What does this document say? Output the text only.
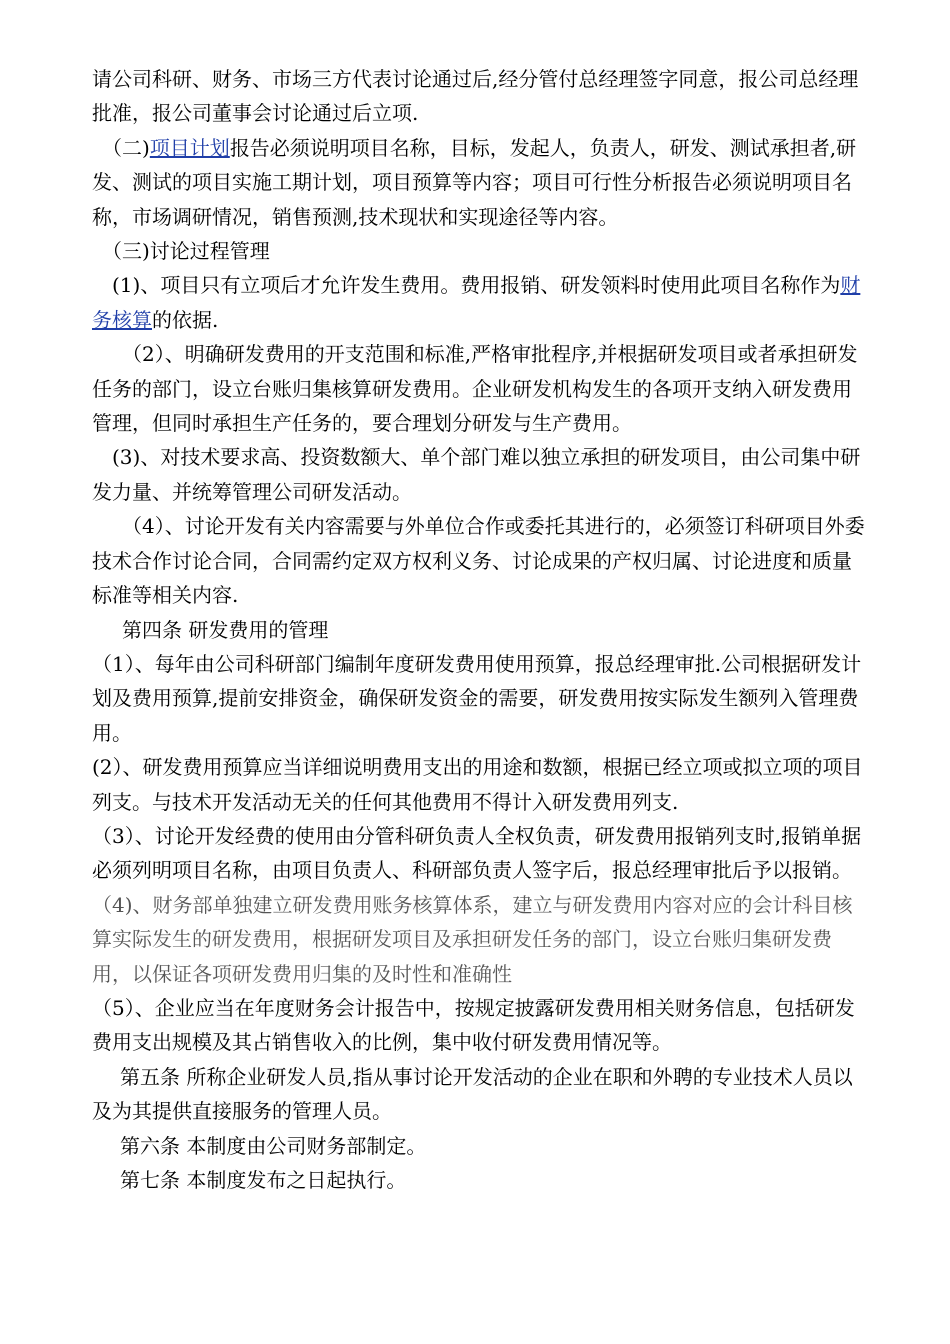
请公司科研、财务、市场三方代表讨论通过后,经分管付总经理签字同意，报公司总经理批准，报公司董事会讨论通过后立项.

（二)项目计划报告必须说明项目名称，目标，发起人，负责人，研发、测试承担者,研发、测试的项目实施工期计划，项目预算等内容；项目可行性分析报告必须说明项目名称，市场调研情况，销售预测,技术现状和实现途径等内容。

（三)讨论过程管理

(1)、项目只有立项后才允许发生费用。费用报销、研发领料时使用此项目名称作为财务核算的依据.

（2）、明确研发费用的开支范围和标准,严格审批程序,并根据研发项目或者承担研发任务的部门，设立台账归集核算研发费用。企业研发机构发生的各项开支纳入研发费用管理，但同时承担生产任务的，要合理划分研发与生产费用。

(3)、对技术要求高、投资数额大、单个部门难以独立承担的研发项目，由公司集中研发力量、并统筹管理公司研发活动。

（4）、讨论开发有关内容需要与外单位合作或委托其进行的，必须签订科研项目外委技术合作讨论合同，合同需约定双方权利义务、讨论成果的产权归属、讨论进度和质量标准等相关内容.

第四条 研发费用的管理

（1）、每年由公司科研部门编制年度研发费用使用预算，报总经理审批.公司根据研发计划及费用预算,提前安排资金，确保研发资金的需要，研发费用按实际发生额列入管理费用。

(2）、研发费用预算应当详细说明费用支出的用途和数额，根据已经立项或拟立项的项目列支。与技术开发活动无关的任何其他费用不得计入研发费用列支.

（3）、讨论开发经费的使用由分管科研负责人全权负责，研发费用报销列支时,报销单据必须列明项目名称，由项目负责人、科研部负责人签字后，报总经理审批后予以报销。

（4)、财务部单独建立研发费用账务核算体系，建立与研发费用内容对应的会计科目核算实际发生的研发费用，根据研发项目及承担研发任务的部门，设立台账归集研发费用，以保证各项研发费用归集的及时性和准确性

（5）、企业应当在年度财务会计报告中，按规定披露研发费用相关财务信息，包括研发费用支出规模及其占销售收入的比例，集中收付研发费用情况等。

第五条 所称企业研发人员,指从事讨论开发活动的企业在职和外聘的专业技术人员以及为其提供直接服务的管理人员。

第六条 本制度由公司财务部制定。

第七条 本制度发布之日起执行。
